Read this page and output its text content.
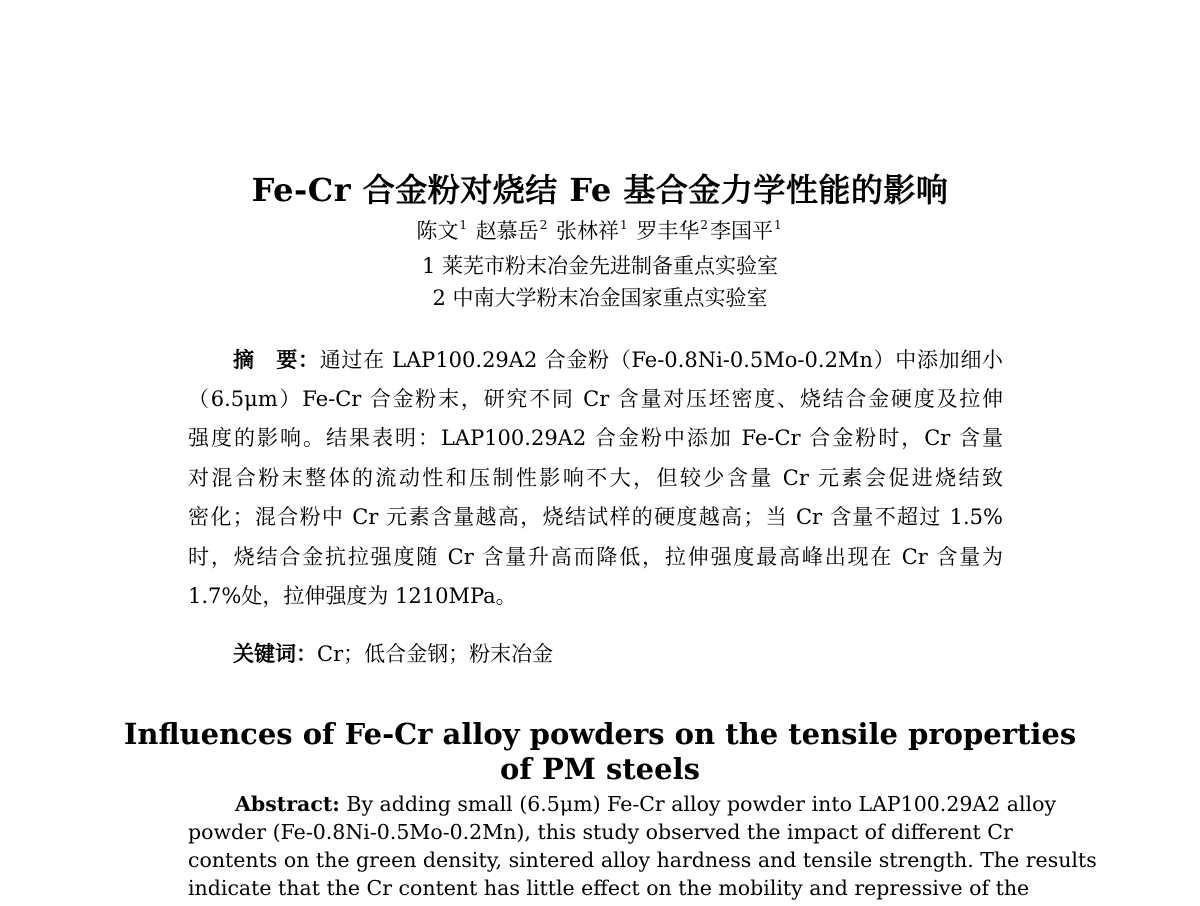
Fe-Cr 合金粉对烧结 Fe 基合金力学性能的影响
陈文$^1$ 赵慕岳$^2$ 张林祥$^1$ 罗丰华$^2$李国平$^1$
1 莱芜市粉末冶金先进制备重点实验室
2 中南大学粉末冶金国家重点实验室
摘　要：通过在 LAP100.29A2 合金粉（Fe-0.8Ni-0.5Mo-0.2Mn）中添加细小
（6.5μm）Fe-Cr 合金粉末，研究不同 Cr 含量对压坯密度、烧结合金硬度及拉伸
强度的影响。结果表明：LAP100.29A2 合金粉中添加 Fe-Cr 合金粉时，Cr 含量
对混合粉末整体的流动性和压制性影响不大，但较少含量 Cr 元素会促进烧结致
密化；混合粉中 Cr 元素含量越高，烧结试样的硬度越高；当 Cr 含量不超过 1.5%
时，烧结合金抗拉强度随 Cr 含量升高而降低，拉伸强度最高峰出现在 Cr 含量为
1.7%处，拉伸强度为 1210MPa。
关键词：Cr；低合金钢；粉末冶金
Influences of Fe-Cr alloy powders on the tensile properties
of PM steels
Abstract: By adding small (6.5μm) Fe-Cr alloy powder into LAP100.29A2 alloy
powder (Fe-0.8Ni-0.5Mo-0.2Mn), this study observed the impact of different Cr
contents on the green density, sintered alloy hardness and tensile strength. The results
indicate that the Cr content has little effect on the mobility and repressive of the
